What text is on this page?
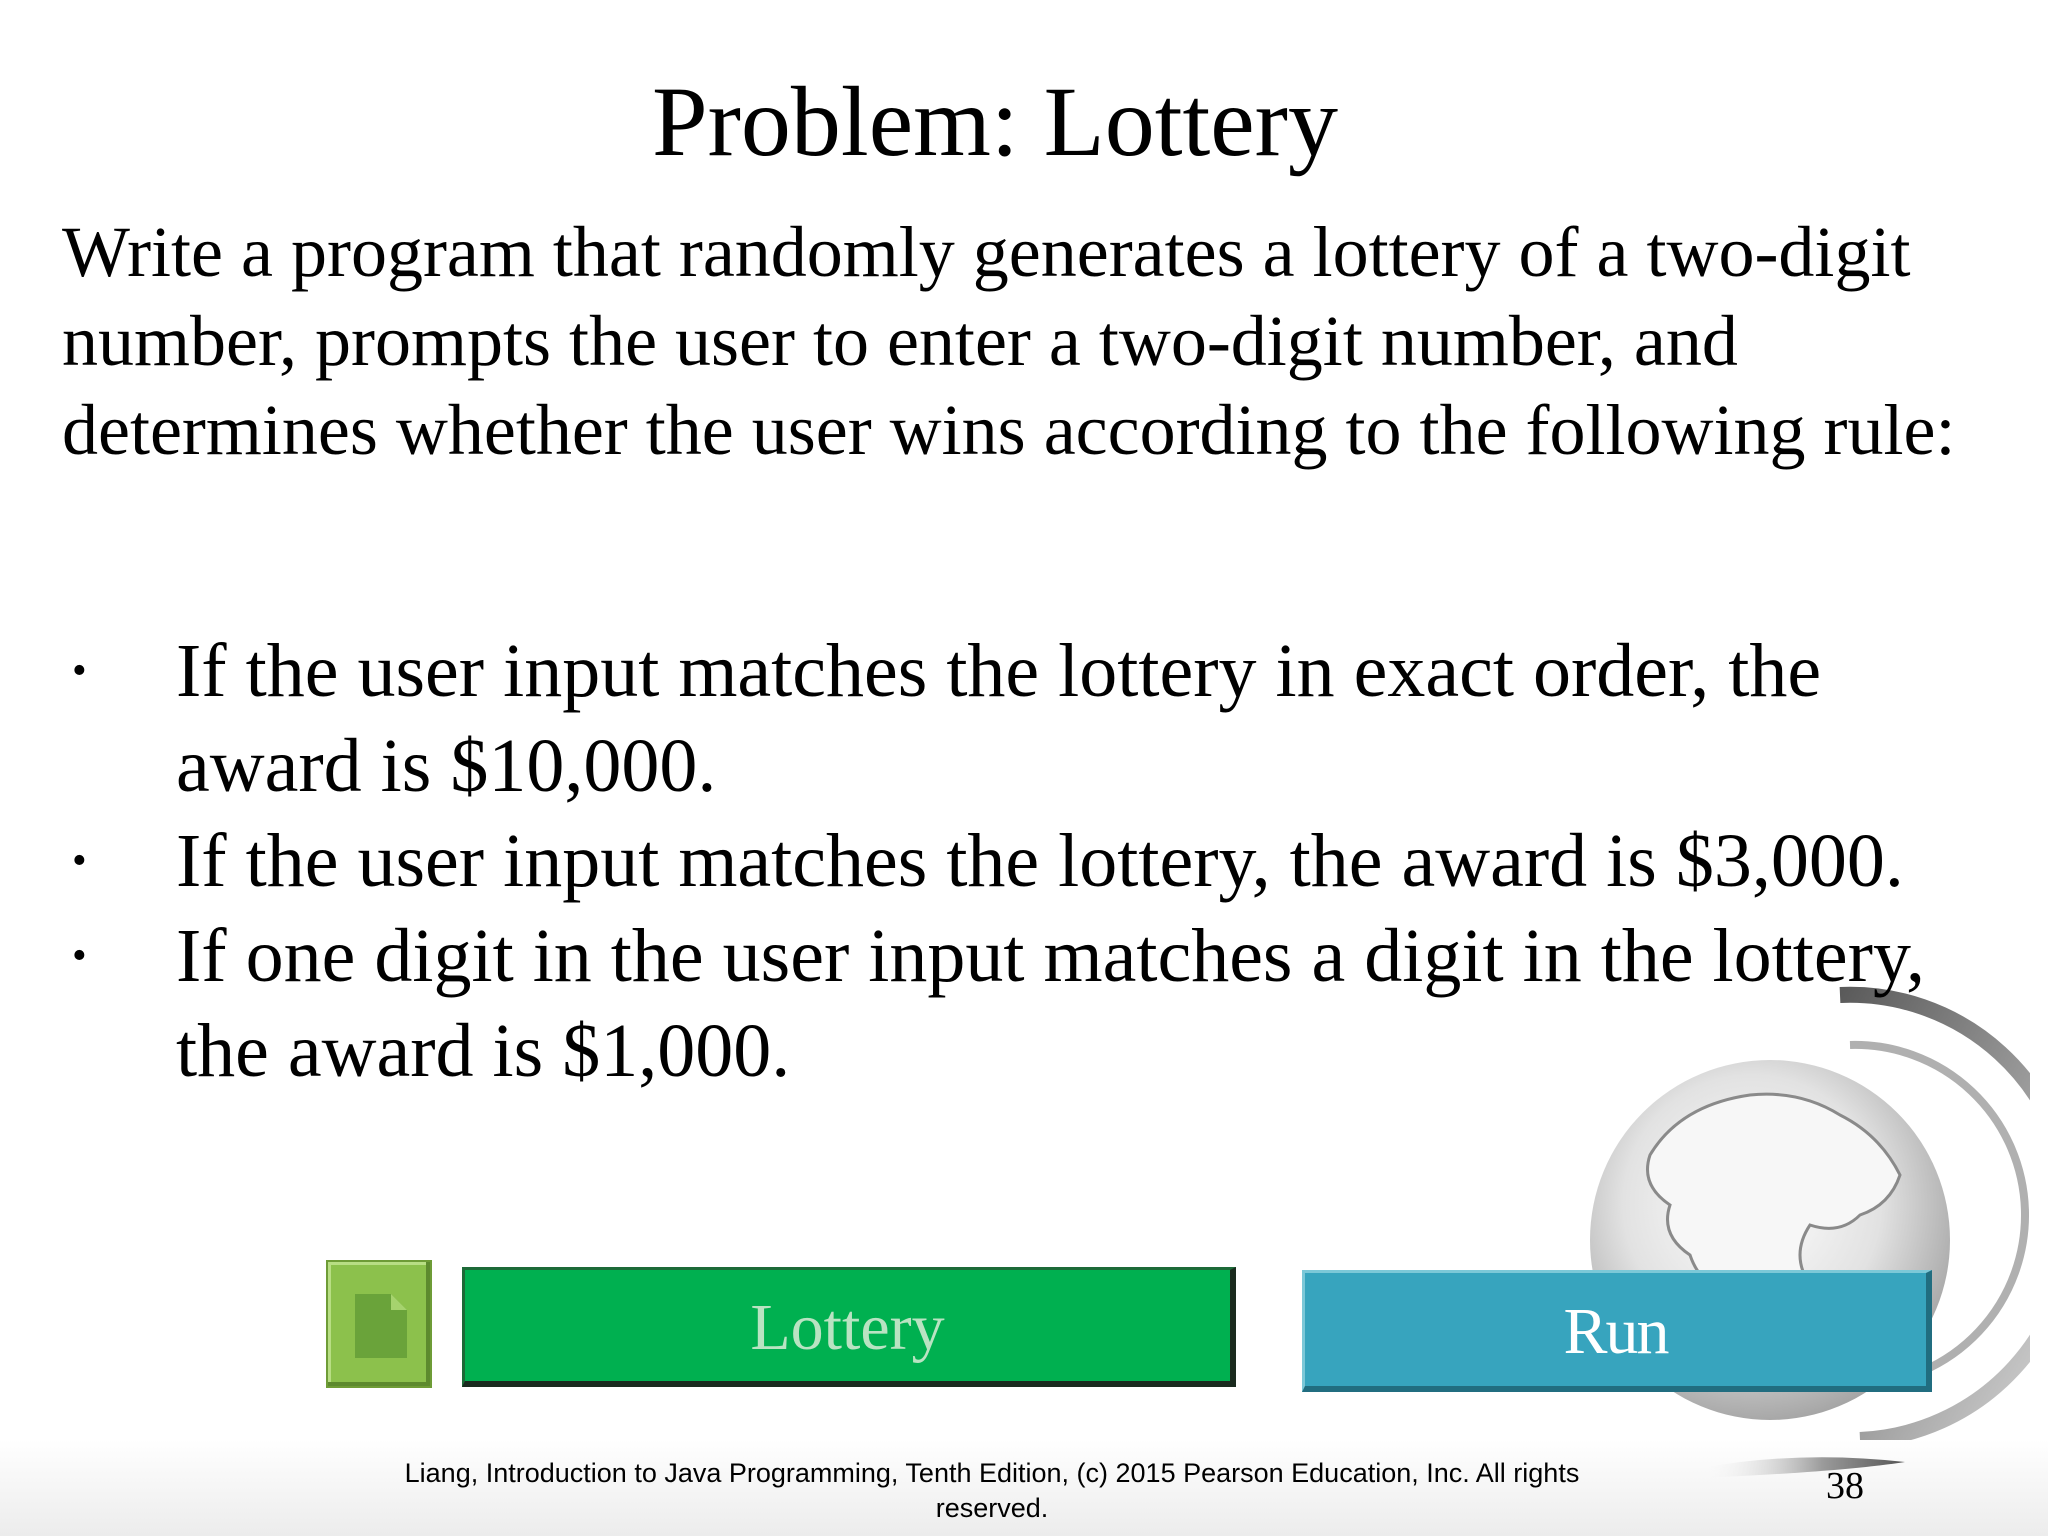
Problem: Lottery
Write a program that randomly generates a lottery of a two-digit number, prompts the user to enter a two-digit number, and determines whether the user wins according to the following rule:
• If the user input matches the lottery in exact order, the award is $10,000.
• If the user input matches the lottery, the award is $3,000.
• If one digit in the user input matches a digit in the lottery, the award is $1,000.
Lottery	Run
Liang, Introduction to Java Programming, Tenth Edition, (c) 2015 Pearson Education, Inc. All rights reserved.
38
